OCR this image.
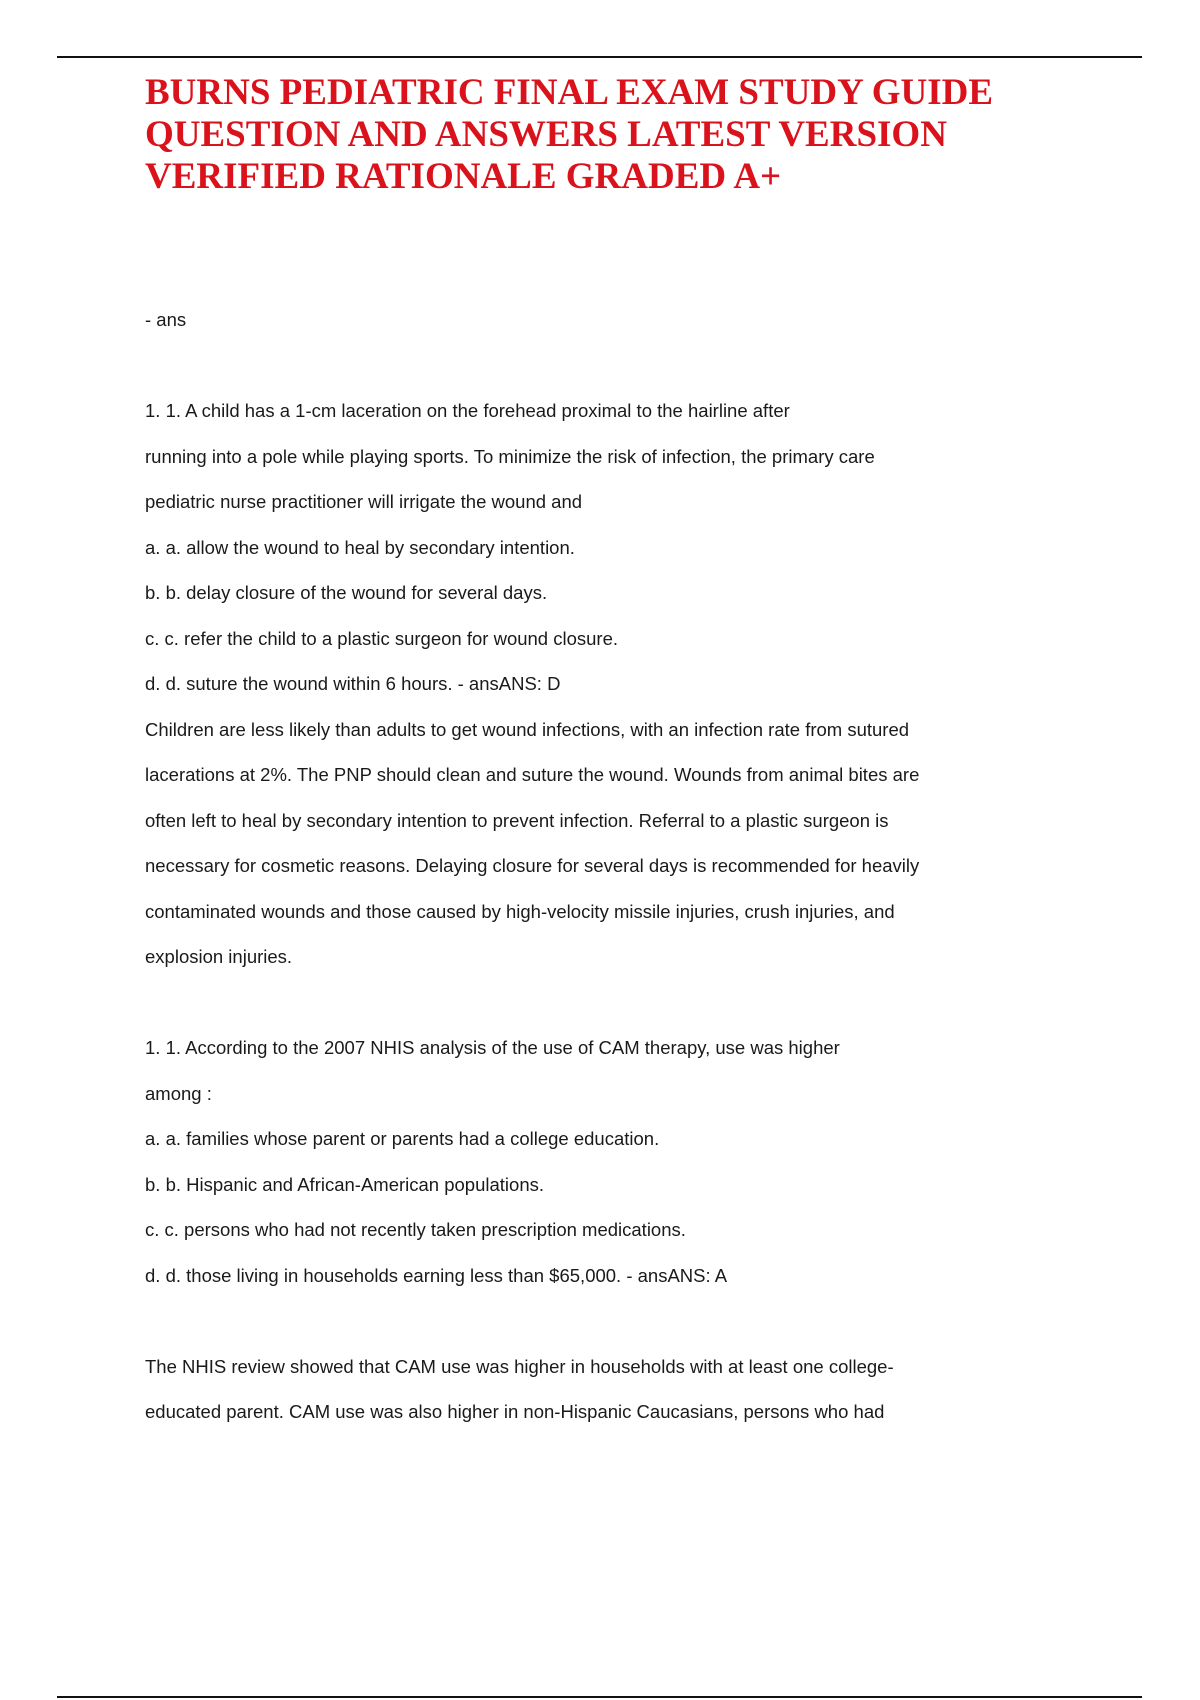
BURNS PEDIATRIC FINAL EXAM STUDY GUIDE
QUESTION AND ANSWERS LATEST VERSION
VERIFIED RATIONALE GRADED A+

- ans

1. 1. A child has a 1-cm laceration on the forehead proximal to the hairline after

running into a pole while playing sports. To minimize the risk of infection, the primary care

pediatric nurse practitioner will irrigate the wound and

a. a. allow the wound to heal by secondary intention.

b. b. delay closure of the wound for several days.

c. c. refer the child to a plastic surgeon for wound closure.

d. d. suture the wound within 6 hours. - ansANS: D

Children are less likely than adults to get wound infections, with an infection rate from sutured

lacerations at 2%. The PNP should clean and suture the wound. Wounds from animal bites are

often left to heal by secondary intention to prevent infection. Referral to a plastic surgeon is

necessary for cosmetic reasons. Delaying closure for several days is recommended for heavily

contaminated wounds and those caused by high-velocity missile injuries, crush injuries, and

explosion injuries.

1. 1. According to the 2007 NHIS analysis of the use of CAM therapy, use was higher

among :

a. a. families whose parent or parents had a college education.

b. b. Hispanic and African-American populations.

c. c. persons who had not recently taken prescription medications.

d. d. those living in households earning less than $65,000. - ansANS: A

The NHIS review showed that CAM use was higher in households with at least one college-

educated parent. CAM use was also higher in non-Hispanic Caucasians, persons who had
